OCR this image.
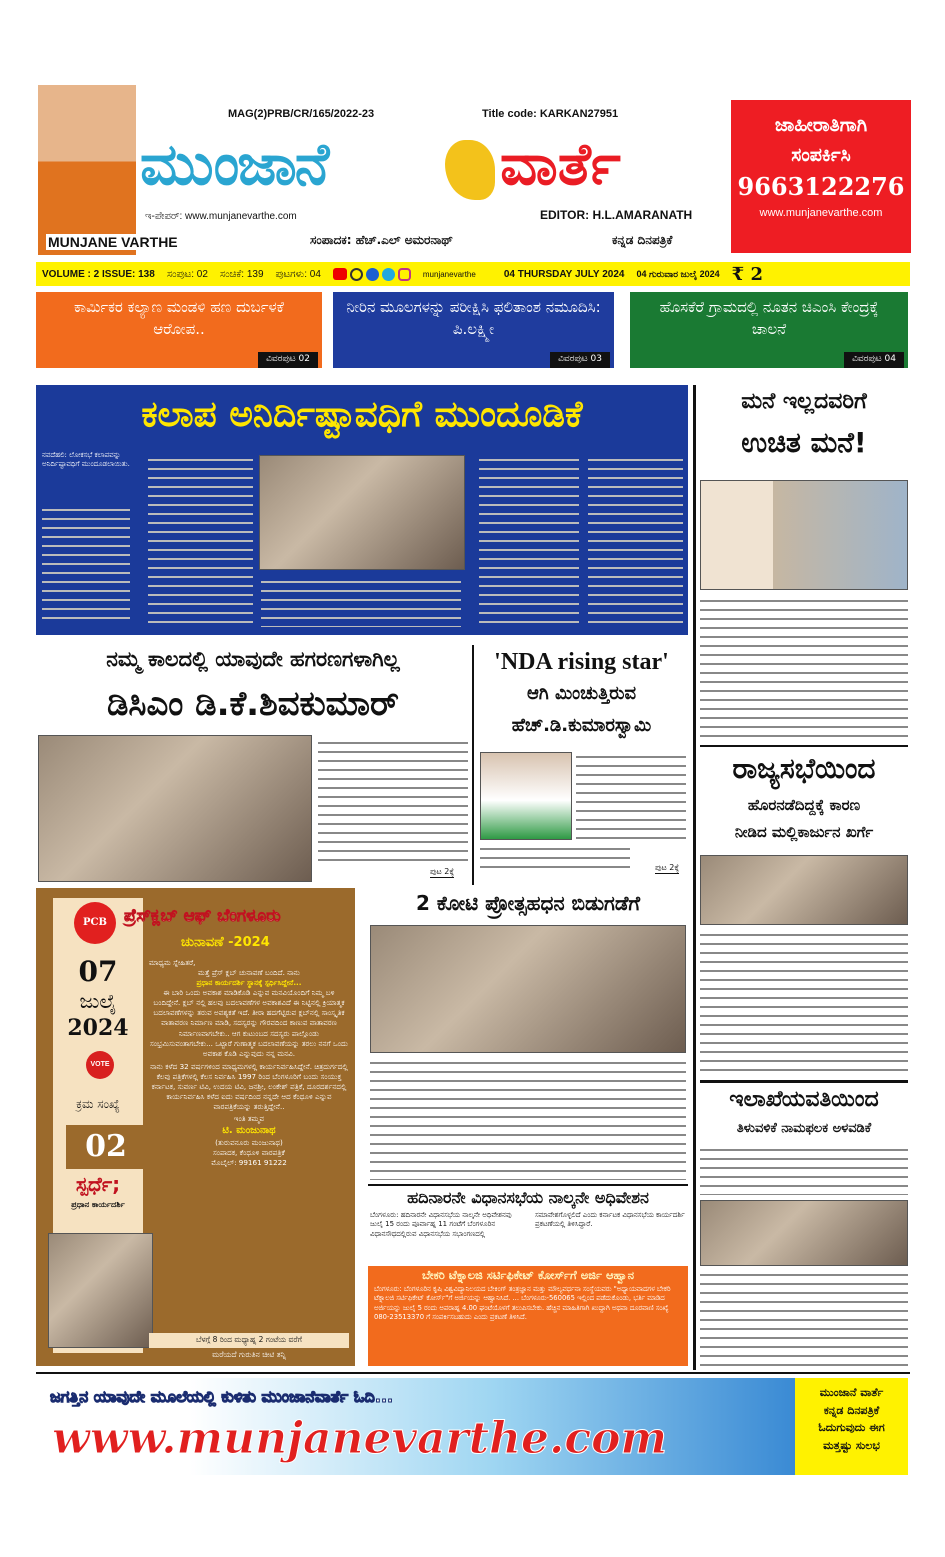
MUNJANE VARTHE
MAG(2)PRB/CR/165/2022-23	Title code: KARKAN27951
ಮುಂಜಾನೆ	ವಾರ್ತೆ
ಇ-ಪೇಪರ್: www.munjanevarthe.com	EDITOR: H.L.AMARANATH
ಸಂಪಾದಕ: ಹೆಚ್.ಎಲ್ ಅಮರನಾಥ್	ಕನ್ನಡ ದಿನಪತ್ರಿಕೆ
ಜಾಹೀರಾತಿಗಾಗಿ
ಸಂಪರ್ಕಿಸಿ
9663122276
www.munjanevarthe.com
VOLUME : 2 ISSUE: 138 ಸಂಪುಟ: 02 ಸಂಚಿಕೆ: 139 ಪುಟಗಳು: 04	munjanevarthe	04 THURSDAY JULY 2024 04 ಗುರುವಾರ ಜುಲೈ 2024 ₹ 2
ಕಾರ್ಮಿಕರ ಕಲ್ಯಾಣ ಮಂಡಳಿ ಹಣ ದುರ್ಬಳಕೆ ಆರೋಪ..
ವಿವರಪುಟ 02
ನೀರಿನ ಮೂಲಗಳನ್ನು ಪರೀಕ್ಷಿಸಿ ಫಲಿತಾಂಶ ನಮೂದಿಸಿ: ಪಿ.ಲಕ್ಷ್ಮೀ
ವಿವರಪುಟ 03
ಹೊಸಕೆರೆ ಗ್ರಾಮದಲ್ಲಿ ನೂತನ ಚಿಎಂಸಿ ಕೇಂದ್ರಕ್ಕೆ ಚಾಲನೆ
ವಿವರಪುಟ 04
ಕಲಾಪ ಅನಿರ್ದಿಷ್ಟಾವಧಿಗೆ ಮುಂದೂಡಿಕೆ
ನವದೆಹಲಿ: ಲೋಕಸಭೆ ಕಲಾಪವನ್ನು ಅನಿರ್ದಿಷ್ಟಾವಧಿಗೆ ಮುಂದೂಡಲಾಯಿತು.
ಮನೆ ಇಲ್ಲದವರಿಗೆ
ಉಚಿತ ಮನೆ!
ರಾಜ್ಯಸಭೆಯಿಂದ
ಹೊರನಡೆದಿದ್ದಕ್ಕೆ ಕಾರಣ
ನೀಡಿದ ಮಲ್ಲಿಕಾರ್ಜುನ ಖರ್ಗೆ
ಇಲಾಖೆಯವತಿಯಿಂದ
ತಿಳುವಳಿಕೆ ನಾಮಫಲಕ ಅಳವಡಿಕೆ
ನಮ್ಮ ಕಾಲದಲ್ಲಿ ಯಾವುದೇ ಹಗರಣಗಳಾಗಿಲ್ಲ
ಡಿಸಿಎಂ ಡಿ.ಕೆ.ಶಿವಕುಮಾರ್
ಪುಟ 2ಕ್ಕೆ
'NDA rising star'
ಆಗಿ ಮಿಂಚುತ್ತಿರುವ
ಹೆಚ್.ಡಿ.ಕುಮಾರಸ್ವಾಮಿ
ಪುಟ 2ಕ್ಕೆ
PCB	ಪ್ರೆಸ್‌ಕ್ಲಬ್ ಆಫ್ ಬೆಂಗಳೂರು
ಚುನಾವಣೆ -2024
07
ಜುಲೈ
2024
VOTE
ಕ್ರಮ ಸಂಖ್ಯೆ
02
ಸ್ಪರ್ಧೆ;
ಪ್ರಧಾನ ಕಾರ್ಯದರ್ಶಿ
ಮಾಧ್ಯಮ ಸ್ನೇಹಿತರೆ,
ಮತ್ತೆ ಪ್ರೆಸ್ ಕ್ಲಬ್ ಚುನಾವಣೆ ಬಂದಿದೆ. ನಾನು
ಪ್ರಧಾನ ಕಾರ್ಯದರ್ಶಿ ಸ್ಥಾನಕ್ಕೆ ಸ್ಪರ್ಧಿಸಿದ್ದೇನೆ...
ಈ ಬಾರಿ ಒಂದು ಅವಕಾಶ ಮಾಡಿಕೊಡಿ ಎನ್ನುವ ಮನವಿಯೊಂದಿಗೆ ನಿಮ್ಮ ಬಳಿ ಬಂದಿದ್ದೇನೆ. ಕ್ಲಬ್ ನಲ್ಲಿ ಹಲವು ಬದಲಾವಣೆಗಳ ಅವಕಾಶವಿದೆ ಈ ನಿಟ್ಟಿನಲ್ಲಿ ಕ್ರಿಯಾತ್ಮಕ ಬದಲಾವಣೆಗಳನ್ನು ತರುವ ಅವಶ್ಯಕತೆ ಇದೆ. ತೀರಾ ಹದಗೆಟ್ಟಿರುವ ಕ್ಲಬ್‌ನಲ್ಲಿ ಸಾಂಸ್ಕೃತಿಕ ವಾತಾವರಣ ನಿರ್ಮಾಣ ಮಾಡಿ, ಸದಸ್ಯರನ್ನು ಗೌರವದಿಂದ ಕಾಣುವ ವಾತಾವರಣ ನಿರ್ಮಾಣವಾಗಬೇಕು.. ಆಗ ಕುಟುಂಬದ ಸದಸ್ಯರು ಪಾಲ್ಗೊಂಡು ಸಂಭ್ರಮಿಸುವಂತಾಗಬೇಕು... ಒಟ್ಟಾರೆ ಗುಣಾತ್ಮಕ ಬದಲಾವಣೆಯನ್ನು ತರಲು ನನಗೆ ಒಂದು ಅವಕಾಶ ಕೊಡಿ ಎನ್ನುವುದು ನನ್ನ ಮನವಿ.
ನಾನು ಕಳೆದ 32 ವರ್ಷಗಳಿಂದ ಮಾಧ್ಯಮಗಳಲ್ಲಿ ಕಾರ್ಯನಿರ್ವಹಿಸಿದ್ದೇನೆ. ಚಿತ್ರದುರ್ಗದಲ್ಲಿ ಕೆಲವು ಪತ್ರಿಕೆಗಳಲ್ಲಿ ಕೆಲಸ ನಿರ್ವಹಿಸಿ 1997 ರಿಂದ ಬೆಂಗಳೂರಿಗೆ ಬಂದು ಸಂಯುಕ್ತ ಕರ್ನಾಟಕ, ಸುವರ್ಣ ಟಿವಿ, ಉದಯ ಟಿವಿ, ಜನಶ್ರೀ, ಲಂಕೇಶ್ ಪತ್ರಿಕೆ, ದೂರದರ್ಶನದಲ್ಲಿ ಕಾರ್ಯನಿರ್ವಹಿಸಿ ಕಳೆದ ಐದು ವರ್ಷದಿಂದ ನನ್ನದೇ ಆದ ಕೆಂಧೂಳಿ ಎನ್ನುವ ವಾರಪತ್ರಿಕೆಯನ್ನು ತರುತ್ತಿದ್ದೇನೆ..
ಇಂತಿ ತಮ್ಮವ
ಟಿ. ಮಂಜುನಾಥ
(ತುರುವನೂರು ಮಂಜುನಾಥ)
ಸಂಪಾದಕ, ಕೆಂಧೂಳಿ ವಾರಪತ್ರಿಕೆ
ಮೊಬೈಲ್: 99161 91222
ಬೆಳಗ್ಗೆ 8 ರಿಂದ ಮಧ್ಯಾಹ್ನ 2 ಗಂಟೆಯ ವರೆಗೆ
ಮರೆಯದೆ ಗುರುತಿನ ಚೀಟಿ ತನ್ನಿ
2 ಕೋಟಿ ಪ್ರೋತ್ಸಹಧನ ಬಿಡುಗಡೆಗೆ
ಹದಿನಾರನೇ ವಿಧಾನಸಭೆಯ ನಾಲ್ಕನೇ ಅಧಿವೇಶನ
ಬೆಂಗಳೂರು: ಹದಿನಾರನೇ ವಿಧಾನಸಭೆಯ ನಾಲ್ಕನೇ ಅಧಿವೇಶನವು ಜುಲೈ 15 ರಂದು ಪೂರ್ವಾಹ್ನ 11 ಗಂಟೆಗೆ ಬೆಂಗಳೂರಿನ ವಿಧಾನಸೌಧದಲ್ಲಿರುವ ವಿಧಾನಸಭೆಯ ಸಭಾಂಗಣದಲ್ಲಿ ಸಮಾವೇಶಗೊಳ್ಳಲಿದೆ ಎಂದು ಕರ್ನಾಟಕ ವಿಧಾನಸಭೆಯ ಕಾರ್ಯದರ್ಶಿ ಪ್ರಕಟಣೆಯಲ್ಲಿ ತಿಳಿಸಿದ್ದಾರೆ.
ಬೇಕರಿ ಟೆಕ್ನಾಲಜಿ ಸರ್ಟಿಫಿಕೇಟ್ ಕೋರ್ಸ್‌ಗೆ ಅರ್ಜಿ ಆಹ್ವಾನ
ಬೆಂಗಳೂರು: ಬೆಂಗಳೂರಿನ ಕೃಷಿ ವಿಶ್ವವಿದ್ಯಾನಿಲಯದ ಬೇಕಿಂಗ್ ತಂತ್ರಜ್ಞಾನ ಮತ್ತು ಮೌಲ್ಯವರ್ಧನಾ ಸಂಸ್ಥೆಯವರು "ಅಧ್ಯಾಯವಾದಗಳ ಬೇಕರಿ ಟೆಕ್ನಾಲಜಿ ಸರ್ಟಿಫಿಕೇಟ್ ಕೋರ್ಸ್"ಗೆ ಅರ್ಜಿಯನ್ನು ಆಹ್ವಾನಿಸಿದೆ. ... ಬೆಂಗಳೂರು-560065 ಇಲ್ಲಿಂದ ಪಡೆದುಕೊಂಡು, ಭರ್ತಿ ಮಾಡಿದ ಅರ್ಜಿಯನ್ನು ಜುಲೈ 5 ರಂದು ಅಪರಾಹ್ನ 4.00 ಘಂಟೆಯೊಳಗೆ ತಲುಪಿಸಬೇಕು. ಹೆಚ್ಚಿನ ಮಾಹಿತಿಗಾಗಿ ಖುದ್ದಾಗಿ ಅಥವಾ ದೂರವಾಣಿ ಸಂಖ್ಯೆ 080-23513370 ಗೆ ಸಂಪರ್ಕಿಸಬಹುದು ಎಂದು ಪ್ರಕಟಣೆ ತಿಳಿಸಿದೆ.
ಜಗತ್ತಿನ ಯಾವುದೇ ಮೂಲೆಯಲ್ಲಿ ಕುಳಿತು ಮುಂಜಾನೆವಾರ್ತೆ ಓದಿ...
www.munjanevarthe.com
ಮುಂಜಾನೆ ವಾರ್ತೆ
ಕನ್ನಡ ದಿನಪತ್ರಿಕೆ
ಓದುಗುವುದು ಈಗ
ಮತ್ತಷ್ಟು ಸುಲಭ
